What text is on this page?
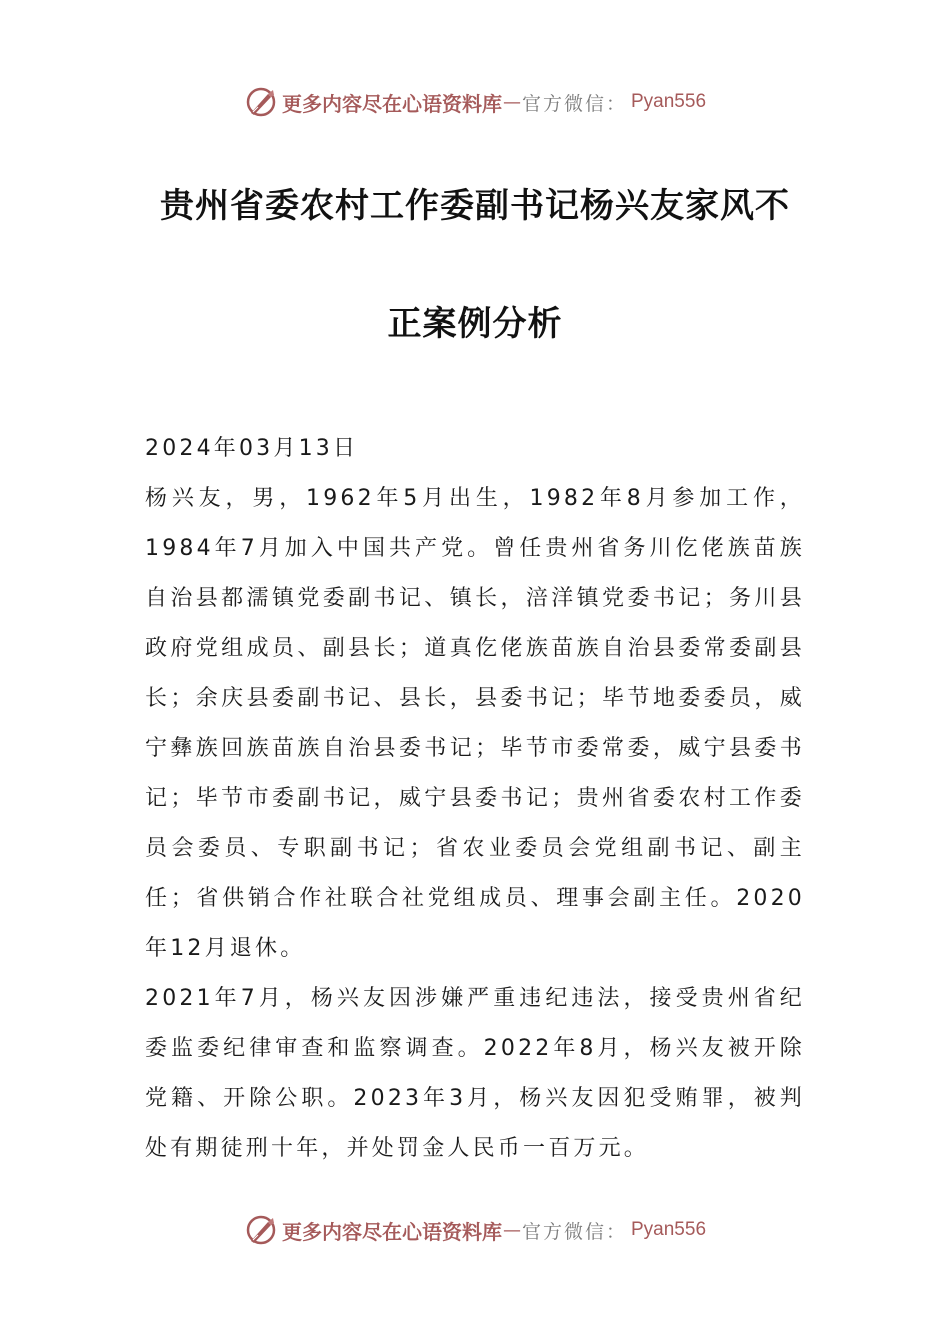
更多内容尽在心语资料库 — 官方微信： Pyan556
贵州省委农村工作委副书记杨兴友家风不
正案例分析

2024年03月13日

杨兴友，男，1962年5月出生，1982年8月参加工作，1984年7月加入中国共产党。曾任贵州省务川仡佬族苗族自治县都濡镇党委副书记、镇长，涪洋镇党委书记；务川县政府党组成员、副县长；道真仡佬族苗族自治县委常委副县长；余庆县委副书记、县长，县委书记；毕节地委委员，威宁彝族回族苗族自治县委书记；毕节市委常委，威宁县委书记；毕节市委副书记，威宁县委书记；贵州省委农村工作委员会委员、专职副书记；省农业委员会党组副书记、副主任；省供销合作社联合社党组成员、理事会副主任。2020年12月退休。

2021年7月，杨兴友因涉嫌严重违纪违法，接受贵州省纪委监委纪律审查和监察调查。2022年8月，杨兴友被开除党籍、开除公职。2023年3月，杨兴友因犯受贿罪，被判处有期徒刑十年，并处罚金人民币一百万元。

更多内容尽在心语资料库 — 官方微信： Pyan556
